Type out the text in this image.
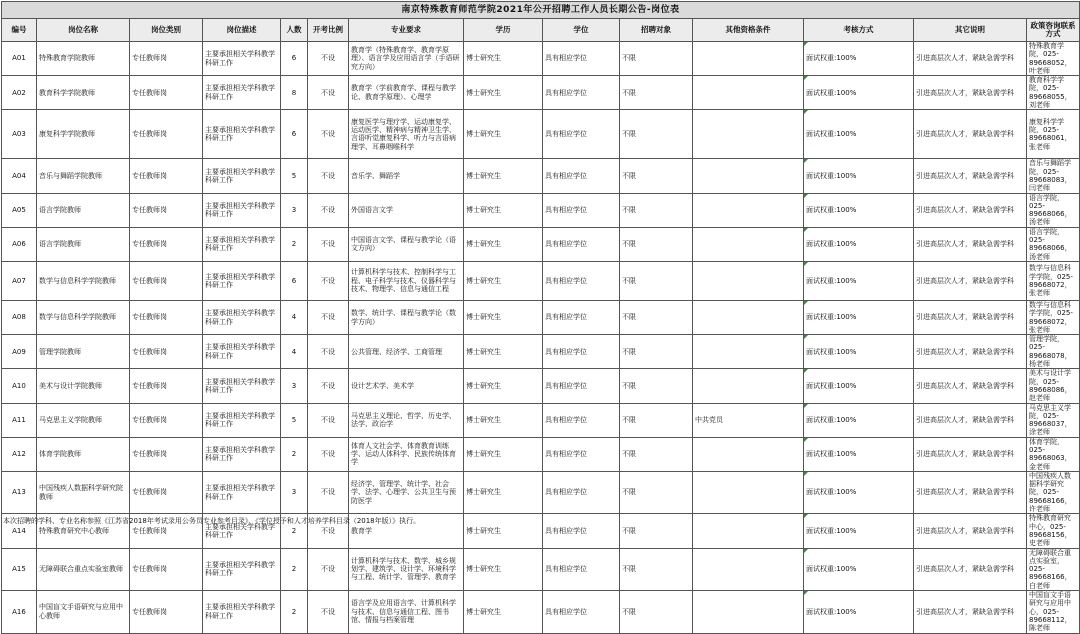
南京特殊教育师范学院2021年公开招聘工作人员长期公告-岗位表													
编号	岗位名称	岗位类别	岗位描述	人数	开考比例	专业要求	学历	学位	招聘对象	其他资格条件	考核方式	其它说明	政策咨询联系方式
A01	特殊教育学院教师	专任教师岗	主要承担相关学科教学科研工作	6	不设	教育学（特殊教育学、教育学原理）、语言学及应用语言学（手语研究方向）	博士研究生	具有相应学位	不限		面试权重:100%	引进高层次人才，紧缺急需学科	特殊教育学院，025-89668052，叶老师
A02	教育科学学院教师	专任教师岗	主要承担相关学科教学科研工作	8	不设	教育学（学前教育学、课程与教学论、教育学原理）、心理学	博士研究生	具有相应学位	不限		面试权重:100%	引进高层次人才，紧缺急需学科	教育科学学院，025-89668055，刘老师
A03	康复科学学院教师	专任教师岗	主要承担相关学科教学科研工作	6	不设	康复医学与理疗学、运动康复学、运动医学、精神病与精神卫生学、言语听觉康复科学、听力与言语病理学、耳鼻咽喉科学	博士研究生	具有相应学位	不限		面试权重:100%	引进高层次人才，紧缺急需学科	康复科学学院，025-89668061，张老师
A04	音乐与舞蹈学院教师	专任教师岗	主要承担相关学科教学科研工作	5	不设	音乐学、舞蹈学	博士研究生	具有相应学位	不限		面试权重:100%	引进高层次人才，紧缺急需学科	音乐与舞蹈学院，025-89668083，闫老师
A05	语言学院教师	专任教师岗	主要承担相关学科教学科研工作	3	不设	外国语言文学	博士研究生	具有相应学位	不限		面试权重:100%	引进高层次人才，紧缺急需学科	语言学院，025-89668066，汤老师
A06	语言学院教师	专任教师岗	主要承担相关学科教学科研工作	2	不设	中国语言文学、课程与教学论（语文方向）	博士研究生	具有相应学位	不限		面试权重:100%	引进高层次人才，紧缺急需学科	语言学院，025-89668066，汤老师
A07	数学与信息科学学院教师	专任教师岗	主要承担相关学科教学科研工作	6	不设	计算机科学与技术、控制科学与工程、电子科学与技术、仪器科学与技术、物理学、信息与通信工程	博士研究生	具有相应学位	不限		面试权重:100%	引进高层次人才，紧缺急需学科	数学与信息科学学院，025-89668072，张老师
A08	数学与信息科学学院教师	专任教师岗	主要承担相关学科教学科研工作	4	不设	数学、统计学、课程与教学论（数学方向）	博士研究生	具有相应学位	不限		面试权重:100%	引进高层次人才，紧缺急需学科	数学与信息科学学院，025-89668072，张老师
A09	管理学院教师	专任教师岗	主要承担相关学科教学科研工作	4	不设	公共管理、经济学、工商管理	博士研究生	具有相应学位	不限		面试权重:100%	引进高层次人才，紧缺急需学科	管理学院，025-89668078，杨老师
A10	美术与设计学院教师	专任教师岗	主要承担相关学科教学科研工作	3	不设	设计艺术学、美术学	博士研究生	具有相应学位	不限		面试权重:100%	引进高层次人才，紧缺急需学科	美术与设计学院，025-89668086，赵老师
A11	马克思主义学院教师	专任教师岗	主要承担相关学科教学科研工作	5	不设	马克思主义理论、哲学、历史学、法学、政治学	博士研究生	具有相应学位	不限	中共党员	面试权重:100%	引进高层次人才，紧缺急需学科	马克思主义学院，025-89668037，涂老师
A12	体育学院教师	专任教师岗	主要承担相关学科教学科研工作	2	不设	体育人文社会学、体育教育训练学、运动人体科学、民族传统体育学	博士研究生	具有相应学位	不限		面试权重:100%	引进高层次人才，紧缺急需学科	体育学院，025-89668063，金老师
A13	中国残疾人数据科学研究院教师	专任教师岗	主要承担相关学科教学科研工作	3	不设	经济学、管理学、统计学、社会学、法学、心理学、公共卫生与预防医学	博士研究生	具有相应学位	不限		面试权重:100%	引进高层次人才，紧缺急需学科	中国残疾人数据科学研究院，025-89668166，许老师
A14	特殊教育研究中心教师	专任教师岗	主要承担相关学科教学科研工作	2	不设	教育学	博士研究生	具有相应学位	不限		面试权重:100%	引进高层次人才，紧缺急需学科	特殊教育研究中心，025-89668156，史老师
A15	无障碍联合重点实验室教师	专任教师岗	主要承担相关学科教学科研工作	2	不设	计算机科学与技术、数学、城乡规划学、建筑学、设计学、环境科学与工程、统计学、管理学、教育学	博士研究生	具有相应学位	不限		面试权重:100%	引进高层次人才，紧缺急需学科	无障碍联合重点实验室，025-89668166，白老师
A16	中国盲文手语研究与应用中心教师	专任教师岗	主要承担相关学科教学科研工作	2	不设	语言学及应用语言学、计算机科学与技术、信息与通信工程、图书馆、情报与档案管理	博士研究生	具有相应学位	不限		面试权重:100%	引进高层次人才，紧缺急需学科	中国盲文手语研究与应用中心，025-89668112，陈老师
本次招聘的学科、专业名称参照《江苏省2018年考试录用公务员专业参考目录》、《学位授予和人才培养学科目录（2018年版）》执行。
